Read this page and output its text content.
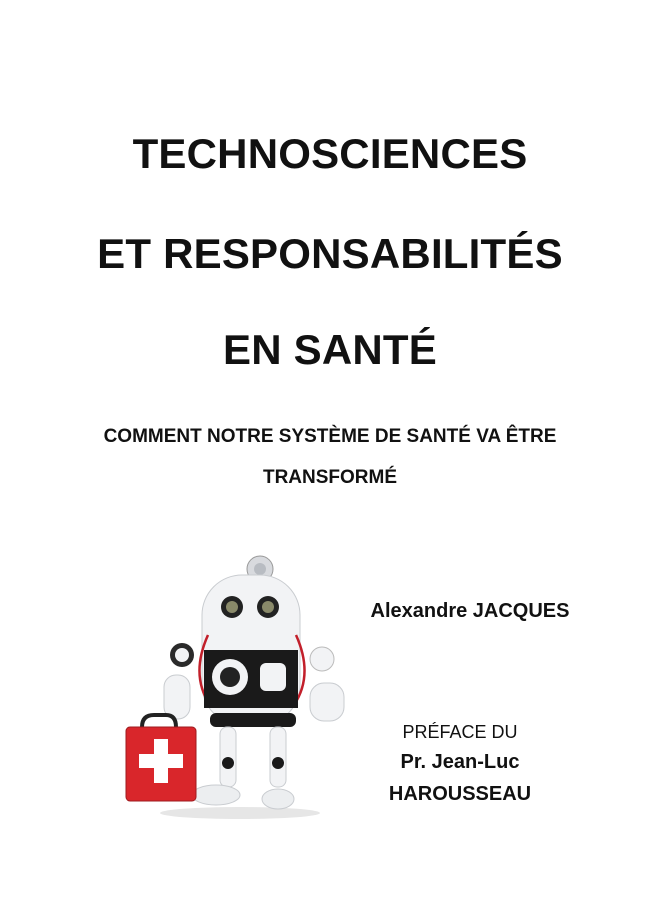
TECHNOSCIENCES
ET RESPONSABILITÉS
EN SANTÉ
COMMENT NOTRE SYSTÈME DE SANTÉ VA ÊTRE
TRANSFORMÉ
Alexandre JACQUES
PRÉFACE DU
Pr. Jean-Luc
HAROUSSEAU
